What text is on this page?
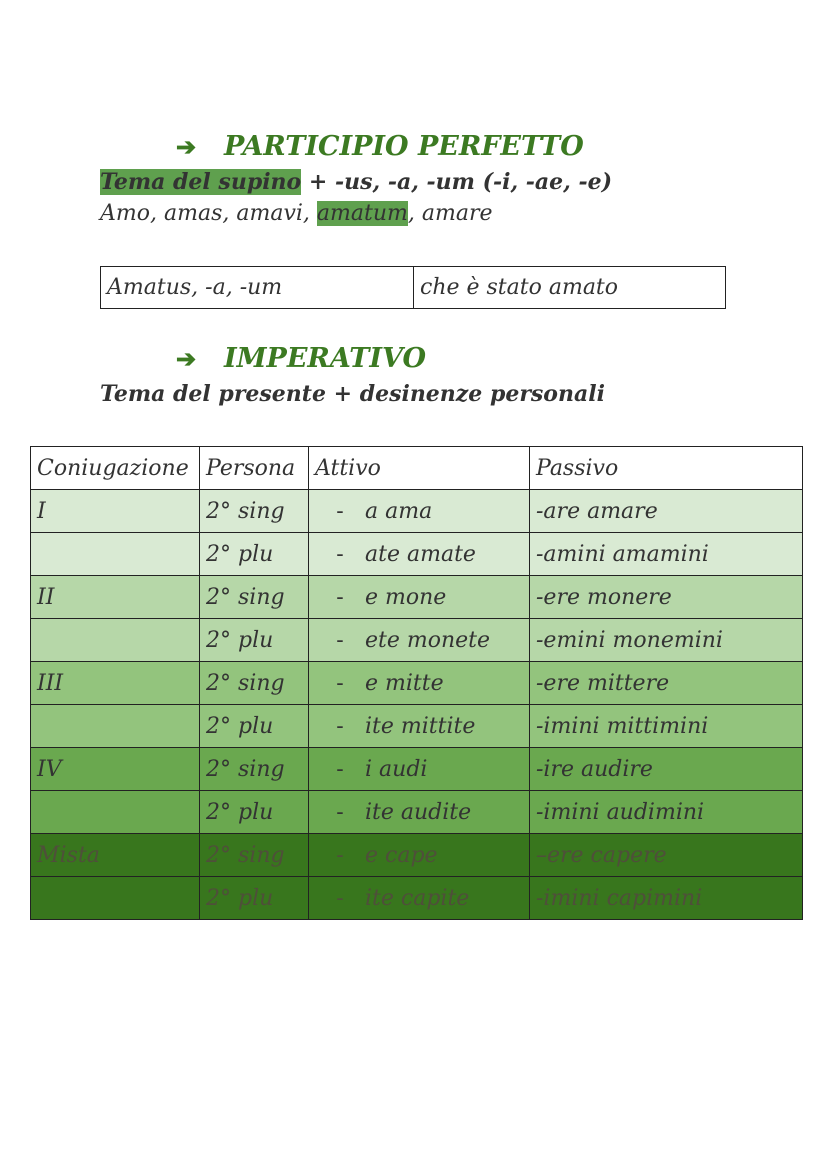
➔ PARTICIPIO PERFETTO
Tema del supino + -us, -a, -um (-i, -ae, -e)
Amo, amas, amavi, amatum, amare
Amatus, -a, -um	che è stato amato
➔ IMPERATIVO
Tema del presente + desinenze personali
Coniugazione	Persona	Attivo	Passivo
I	2° sing	- a ama	-are amare
	2° plu	- ate amate	-amini amamini
II	2° sing	- e mone	-ere monere
	2° plu	- ete monete	-emini monemini
III	2° sing	- e mitte	-ere mittere
	2° plu	- ite mittite	-imini mittimini
IV	2° sing	- i audi	-ire audire
	2° plu	- ite audite	-imini audimini
Mista	2° sing	- e cape	–ere capere
	2° plu	- ite capite	-imini capimini
